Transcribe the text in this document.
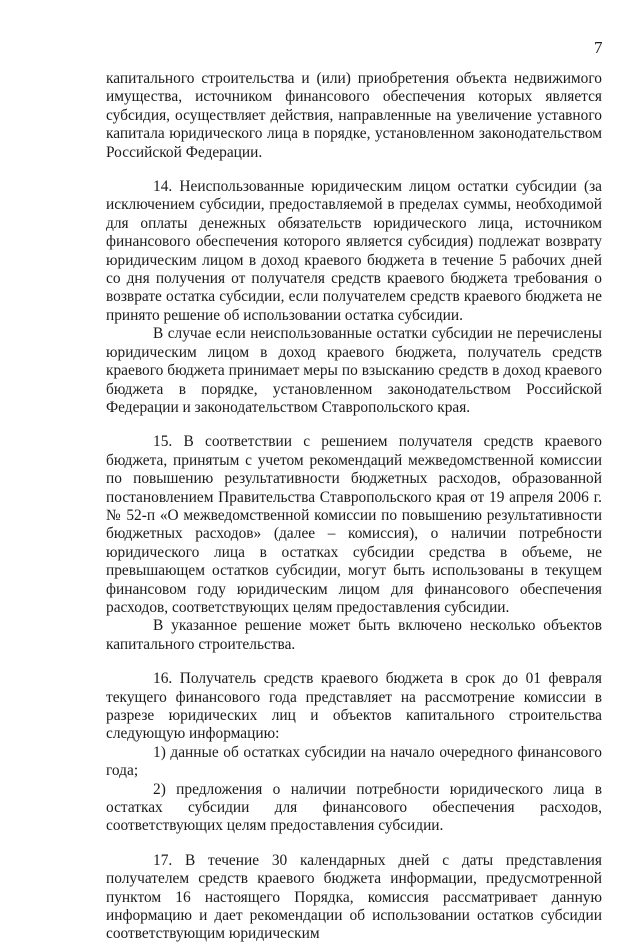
7

капитального строительства и (или) приобретения объекта недвижимого имущества, источником финансового обеспечения которых является субсидия, осуществляет действия, направленные на увеличение уставного капитала юридического лица в порядке, установленном законодательством Российской Федерации.

14. Неиспользованные юридическим лицом остатки субсидии (за исключением субсидии, предоставляемой в пределах суммы, необходимой для оплаты денежных обязательств юридического лица, источником финансового обеспечения которого является субсидия) подлежат возврату юридическим лицом в доход краевого бюджета в течение 5 рабочих дней со дня получения от получателя средств краевого бюджета требования о возврате остатка субсидии, если получателем средств краевого бюджета не принято решение об использовании остатка субсидии.

В случае если неиспользованные остатки субсидии не перечислены юридическим лицом в доход краевого бюджета, получатель средств краевого бюджета принимает меры по взысканию средств в доход краевого бюджета в порядке, установленном законодательством Российской Федерации и законодательством Ставропольского края.

15. В соответствии с решением получателя средств краевого бюджета, принятым с учетом рекомендаций межведомственной комиссии по повышению результативности бюджетных расходов, образованной постановлением Правительства Ставропольского края от 19 апреля 2006 г. № 52-п «О межведомственной комиссии по повышению результативности бюджетных расходов» (далее – комиссия), о наличии потребности юридического лица в остатках субсидии средства в объеме, не превышающем остатков субсидии, могут быть использованы в текущем финансовом году юридическим лицом для финансового обеспечения расходов, соответствующих целям предоставления субсидии.

В указанное решение может быть включено несколько объектов капитального строительства.

16. Получатель средств краевого бюджета в срок до 01 февраля текущего финансового года представляет на рассмотрение комиссии в разрезе юридических лиц и объектов капитального строительства следующую информацию:

1) данные об остатках субсидии на начало очередного финансового года;

2) предложения о наличии потребности юридического лица в остатках субсидии для финансового обеспечения расходов, соответствующих целям предоставления субсидии.

17. В течение 30 календарных дней с даты представления получателем средств краевого бюджета информации, предусмотренной пунктом 16 настоящего Порядка, комиссия рассматривает данную информацию и дает рекомендации об использовании остатков субсидии соответствующим юридическим
